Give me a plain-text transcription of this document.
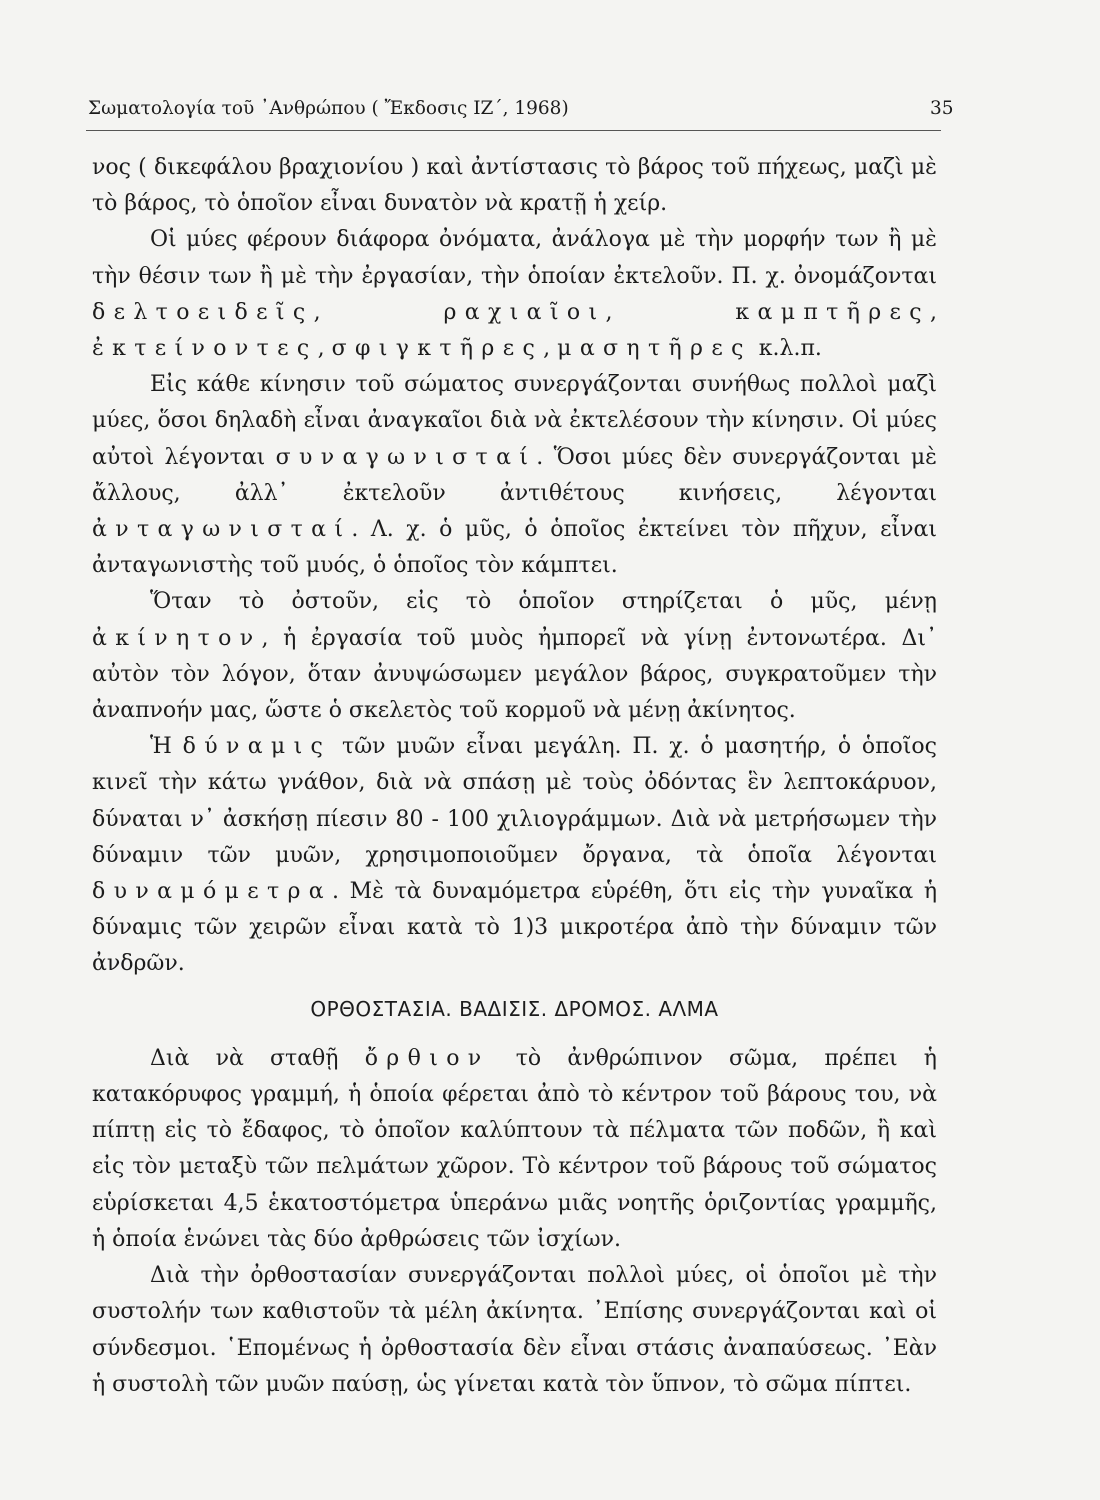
Σωματολογία τοῦ ᾿Ανθρώπου ( Ἔκδοσις ΙΖ΄, 1968)	35

νος ( δικεφάλου βραχιονίου ) καὶ ἀντίστασις τὸ βάρος τοῦ πήχεως, μαζὶ μὲ τὸ βάρος, τὸ ὁποῖον εἶναι δυνατὸν νὰ κρατῇ ἡ χείρ.

Οἱ μύες φέρουν διάφορα ὀνόματα, ἀνάλογα μὲ τὴν μορφήν των ἢ μὲ τὴν θέσιν των ἢ μὲ τὴν ἐργασίαν, τὴν ὁποίαν ἐκτελοῦν. Π. χ. ὀνομάζονται δελτοειδεῖς, ραχιαῖοι, καμπτῆρες, ἐκτείνοντες, σφιγκτῆρες, μασητῆρες κ.λ.π.

Εἰς κάθε κίνησιν τοῦ σώματος συνεργάζονται συνήθως πολλοὶ μαζὶ μύες, ὅσοι δηλαδὴ εἶναι ἀναγκαῖοι διὰ νὰ ἐκτελέσουν τὴν κίνησιν. Οἱ μύες αὐτοὶ λέγονται συναγωνισταί. Ὅσοι μύες δὲν συνεργάζονται μὲ ἄλλους, ἀλλ᾿ ἐκτελοῦν ἀντιθέτους κινήσεις, λέγονται ἀνταγωνισταί. Λ. χ. ὁ μῦς, ὁ ὁποῖος ἐκτείνει τὸν πῆχυν, εἶναι ἀνταγωνιστὴς τοῦ μυός, ὁ ὁποῖος τὸν κάμπτει.

Ὅταν τὸ ὀστοῦν, εἰς τὸ ὁποῖον στηρίζεται ὁ μῦς, μένῃ ἀκίνητον, ἡ ἐργασία τοῦ μυὸς ἠμπορεῖ νὰ γίνῃ ἐντονωτέρα. Δι᾿ αὐτὸν τὸν λόγον, ὅταν ἀνυψώσωμεν μεγάλον βάρος, συγκρατοῦμεν τὴν ἀναπνοήν μας, ὥστε ὁ σκελετὸς τοῦ κορμοῦ νὰ μένῃ ἀκίνητος.

Ἡ δύναμις τῶν μυῶν εἶναι μεγάλη. Π. χ. ὁ μασητήρ, ὁ ὁποῖος κινεῖ τὴν κάτω γνάθον, διὰ νὰ σπάσῃ μὲ τοὺς ὀδόντας ἓν λεπτοκάρυον, δύναται ν᾿ ἀσκήσῃ πίεσιν 80 - 100 χιλιογράμμων. Διὰ νὰ μετρήσωμεν τὴν δύναμιν τῶν μυῶν, χρησιμοποιοῦμεν ὄργανα, τὰ ὁποῖα λέγονται δυναμόμετρα. Μὲ τὰ δυναμόμετρα εὑρέθη, ὅτι εἰς τὴν γυναῖκα ἡ δύναμις τῶν χειρῶν εἶναι κατὰ τὸ 1)3 μικροτέρα ἀπὸ τὴν δύναμιν τῶν ἀνδρῶν.

ΟΡΘΟΣΤΑΣΙΑ. ΒΑΔΙΣΙΣ. ΔΡΟΜΟΣ. ΑΛΜΑ

Διὰ νὰ σταθῇ ὄρθιον τὸ ἀνθρώπινον σῶμα, πρέπει ἡ κατακόρυφος γραμμή, ἡ ὁποία φέρεται ἀπὸ τὸ κέντρον τοῦ βάρους του, νὰ πίπτῃ εἰς τὸ ἔδαφος, τὸ ὁποῖον καλύπτουν τὰ πέλματα τῶν ποδῶν, ἢ καὶ εἰς τὸν μεταξὺ τῶν πελμάτων χῶρον. Τὸ κέντρον τοῦ βάρους τοῦ σώματος εὑρίσκεται 4,5 ἑκατοστόμετρα ὑπεράνω μιᾶς νοητῆς ὁριζοντίας γραμμῆς, ἡ ὁποία ἑνώνει τὰς δύο ἀρθρώσεις τῶν ἰσχίων.

Διὰ τὴν ὀρθοστασίαν συνεργάζονται πολλοὶ μύες, οἱ ὁποῖοι μὲ τὴν συστολήν των καθιστοῦν τὰ μέλη ἀκίνητα. ᾿Επίσης συνεργάζονται καὶ οἱ σύνδεσμοι. ῾Επομένως ἡ ὀρθοστασία δὲν εἶναι στάσις ἀναπαύσεως. ᾿Εὰν ἡ συστολὴ τῶν μυῶν παύσῃ, ὡς γίνεται κατὰ τὸν ὕπνον, τὸ σῶμα πίπτει.
